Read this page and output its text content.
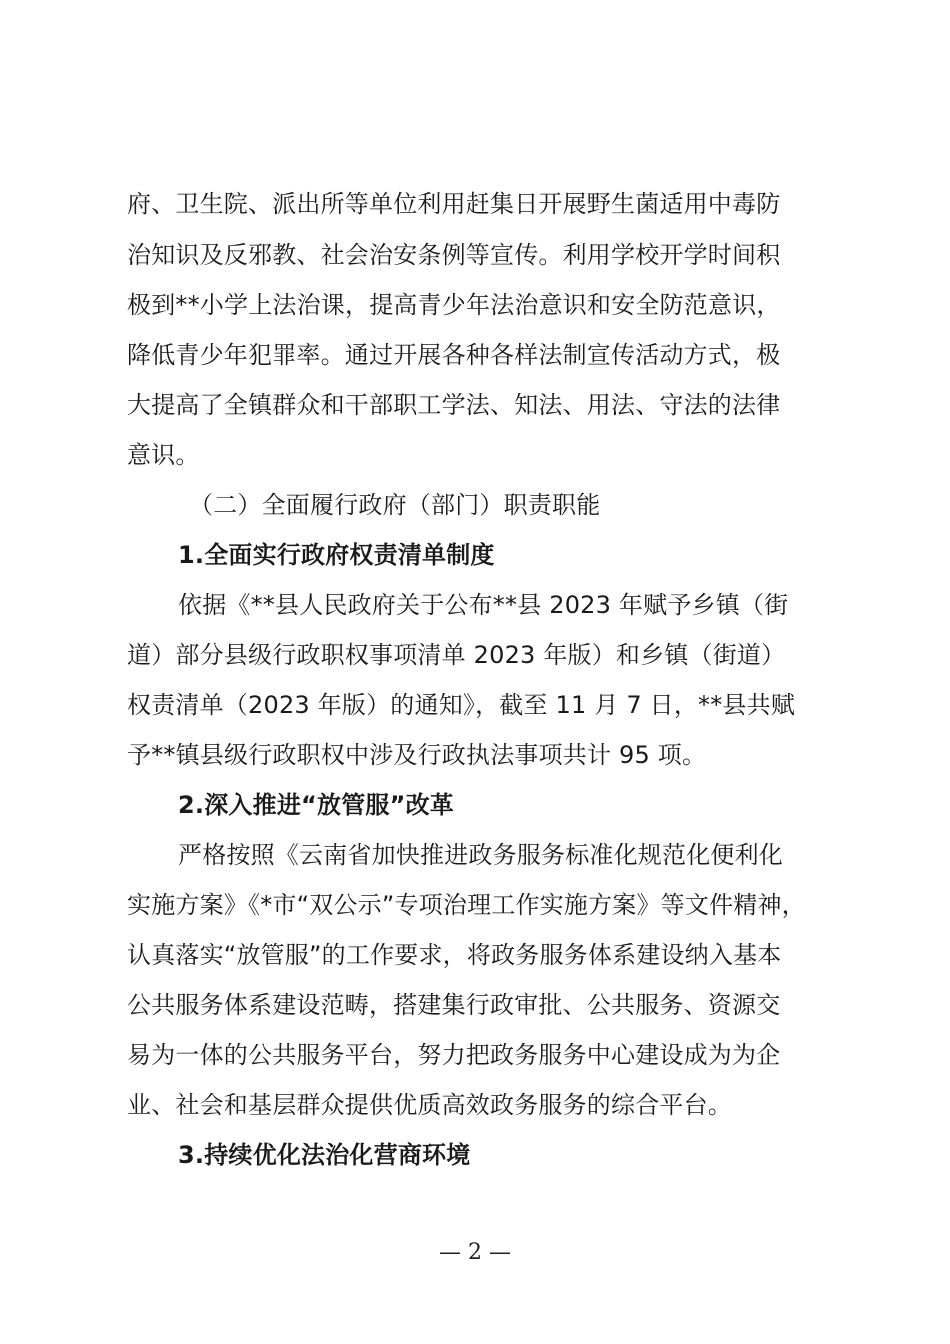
府、卫生院、派出所等单位利用赶集日开展野生菌适用中毒防
治知识及反邪教、社会治安条例等宣传。利用学校开学时间积
极到**小学上法治课，提高青少年法治意识和安全防范意识，
降低青少年犯罪率。通过开展各种各样法制宣传活动方式，极
大提高了全镇群众和干部职工学法、知法、用法、守法的法律
意识。
（二）全面履行政府（部门）职责职能
1.全面实行政府权责清单制度
依据《**县人民政府关于公布**县 2023 年赋予乡镇（街
道）部分县级行政职权事项清单 2023 年版）和乡镇（街道）
权责清单（2023 年版）的通知》，截至 11 月 7 日，**县共赋
予**镇县级行政职权中涉及行政执法事项共计 95 项。
2.深入推进“放管服”改革
严格按照《云南省加快推进政务服务标准化规范化便利化
实施方案》《*市“双公示”专项治理工作实施方案》等文件精神，
认真落实“放管服”的工作要求，将政务服务体系建设纳入基本
公共服务体系建设范畴，搭建集行政审批、公共服务、资源交
易为一体的公共服务平台，努力把政务服务中心建设成为为企
业、社会和基层群众提供优质高效政务服务的综合平台。
3.持续优化法治化营商环境
— 2 —
